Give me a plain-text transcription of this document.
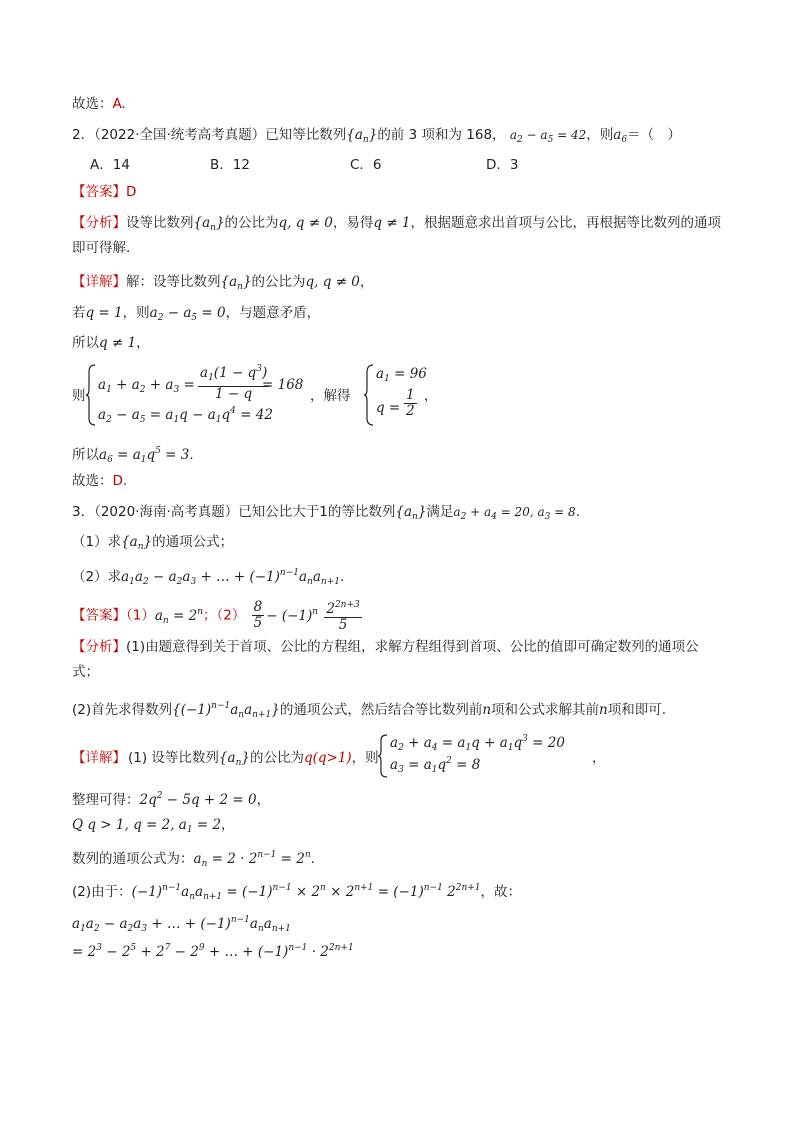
故选：A.
2．（2022·全国·统考高考真题）已知等比数列$\{a_n\}$的前 3 项和为 168， $a_2 - a_5 = 42$，则$a_6=$（　）
A．14	B．12	C．6	D．3
【答案】D
【分析】设等比数列$\{a_n\}$的公比为q, q ≠ 0，易得q ≠ 1，根据题意求出首项与公比，再根据等比数列的通项
即可得解.
【详解】解：设等比数列$\{a_n\}$的公比为q, q ≠ 0，
若q = 1，则$a_2 - a_5 = 0$，与题意矛盾，
所以q ≠ 1，
则
$a_1 + a_2 + a_3 = \frac{a_1(1 - q^3)}{1 - q}$
= 168
$a_2 - a_5 = a_1q - a_1q^4 = 42$
，解得
$a_1 = 96$
$q = \frac{1}{2}$ ，
所以$a_6 = a_1q^5 = 3$.
故选：D.
3．（2020·海南·高考真题）已知公比大于1的等比数列$\{a_n\}$满足$a_2 + a_4 = 20$, $a_3 = 8$.
（1）求$\{a_n\}$的通项公式；
（2）求$a_1a_2 - a_2a_3$ + … + $(-1)^{n-1}a_na_{n+1}$.
【答案】$(1)a_n = 2^n$；$(2) \frac{8}{5} - (-1)^n \frac{2^{2n+3}}{5}$
【分析】(1)由题意得到关于首项、公比的方程组，求解方程组得到首项、公比的值即可确定数列的通项公
式；
(2)首先求得数列$\{(-1)^{n-1}a_na_{n+1}\}$的通项公式，然后结合等比数列前n项和公式求解其前n项和即可.
【详解】 (1) 设等比数列$\{a_n\}$的公比为q(q>1)，则
$a_2 + a_4 = a_1q + a_1q^3 = 20$
$a_3 = a_1q^2 = 8$	，
整理可得：$2q^2 - 5q + 2 = 0$，
Q q > 1, q = 2, $a_1 = 2$，
数列的通项公式为：$a_n = 2 \cdot 2^{n-1} = 2^n$.
(2)由于：$(-1)^{n-1}a_na_{n+1} = (-1)^{n-1} \times 2^n \times 2^{n+1} = (-1)^{n-1}$ $2^{2n+1}$，故：
$a_1a_2 - a_2a_3$ + … + $(-1)^{n-1}a_na_{n+1}$
= $2^3 - 2^5 + 2^7 - 2^9$ + … + $(-1)^{n-1} \cdot 2^{2n+1}$
